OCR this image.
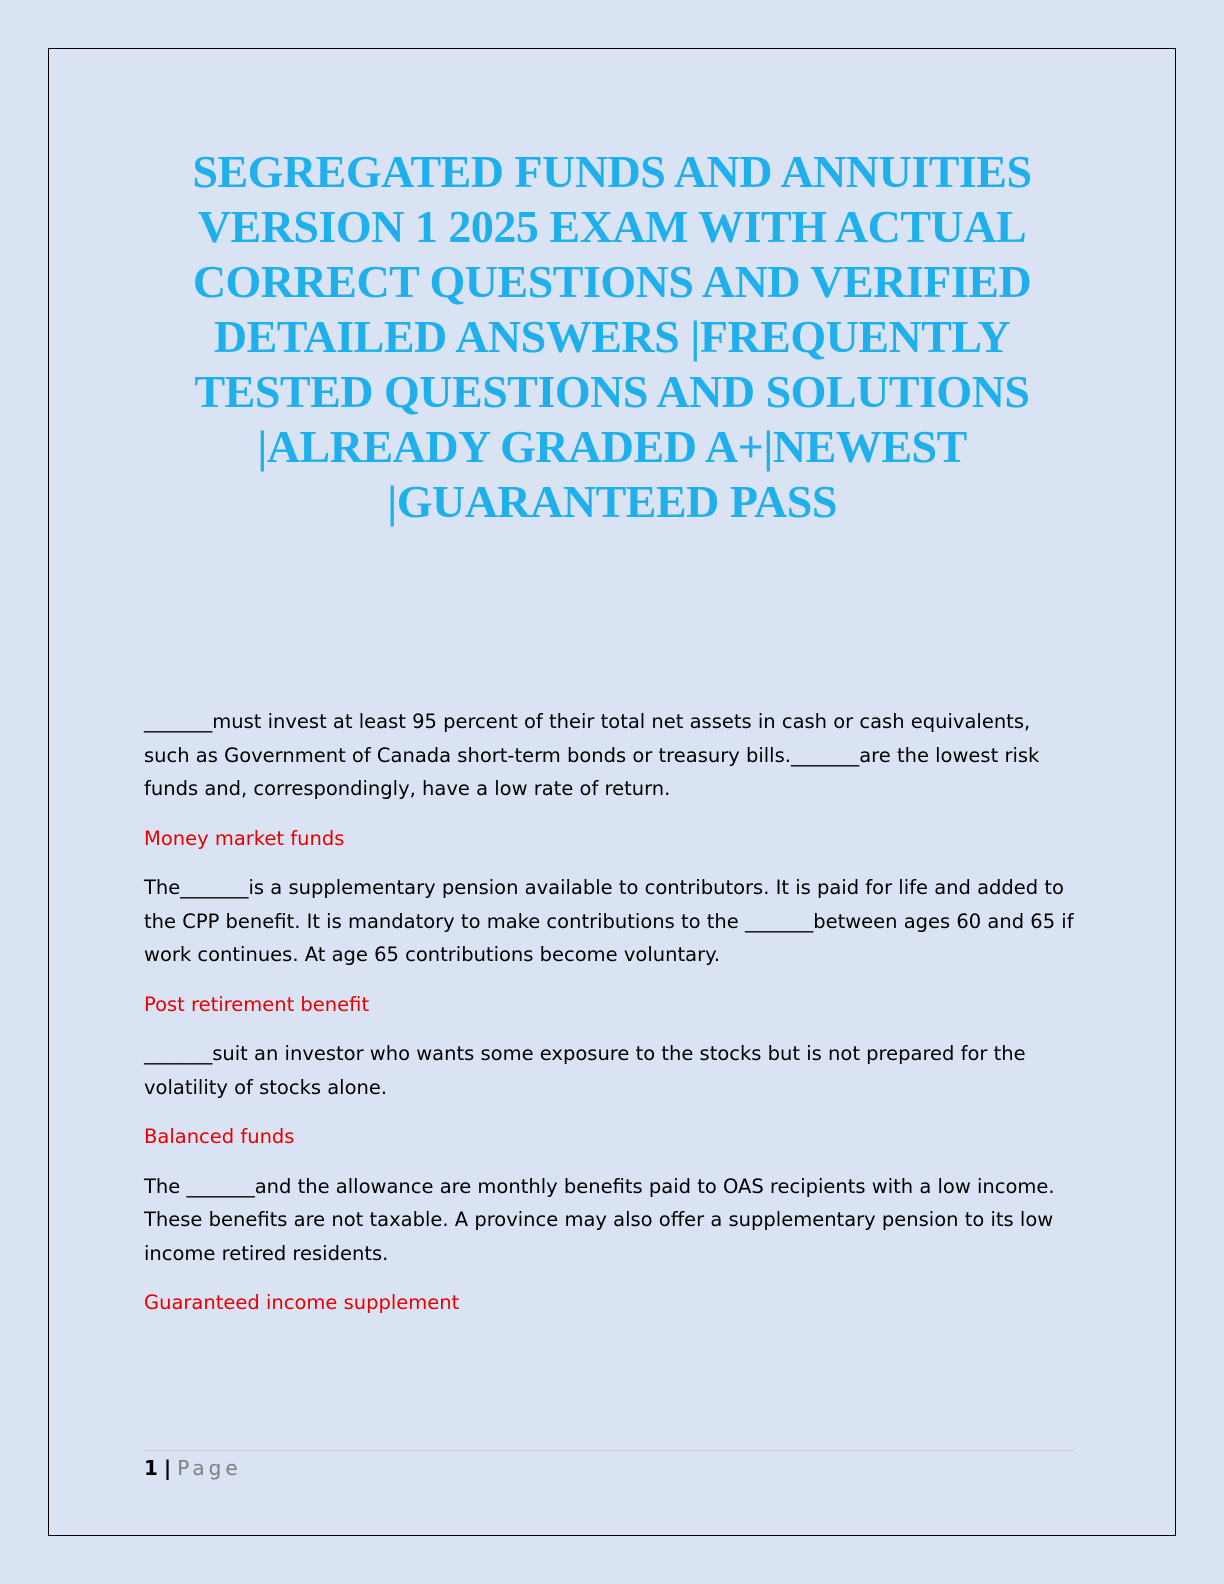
SEGREGATED FUNDS AND ANNUITIES VERSION 1 2025 EXAM WITH ACTUAL CORRECT QUESTIONS AND VERIFIED DETAILED ANSWERS |FREQUENTLY TESTED QUESTIONS AND SOLUTIONS |ALREADY GRADED A+|NEWEST |GUARANTEED PASS

_______must invest at least 95 percent of their total net assets in cash or cash equivalents, such as Government of Canada short-term bonds or treasury bills._______are the lowest risk funds and, correspondingly, have a low rate of return.

Money market funds

The_______is a supplementary pension available to contributors. It is paid for life and added to the CPP benefit. It is mandatory to make contributions to the _______between ages 60 and 65 if work continues. At age 65 contributions become voluntary.

Post retirement benefit

_______suit an investor who wants some exposure to the stocks but is not prepared for the volatility of stocks alone.

Balanced funds

The _______and the allowance are monthly benefits paid to OAS recipients with a low income. These benefits are not taxable. A province may also offer a supplementary pension to its low income retired residents.

Guaranteed income supplement

1 | Page
